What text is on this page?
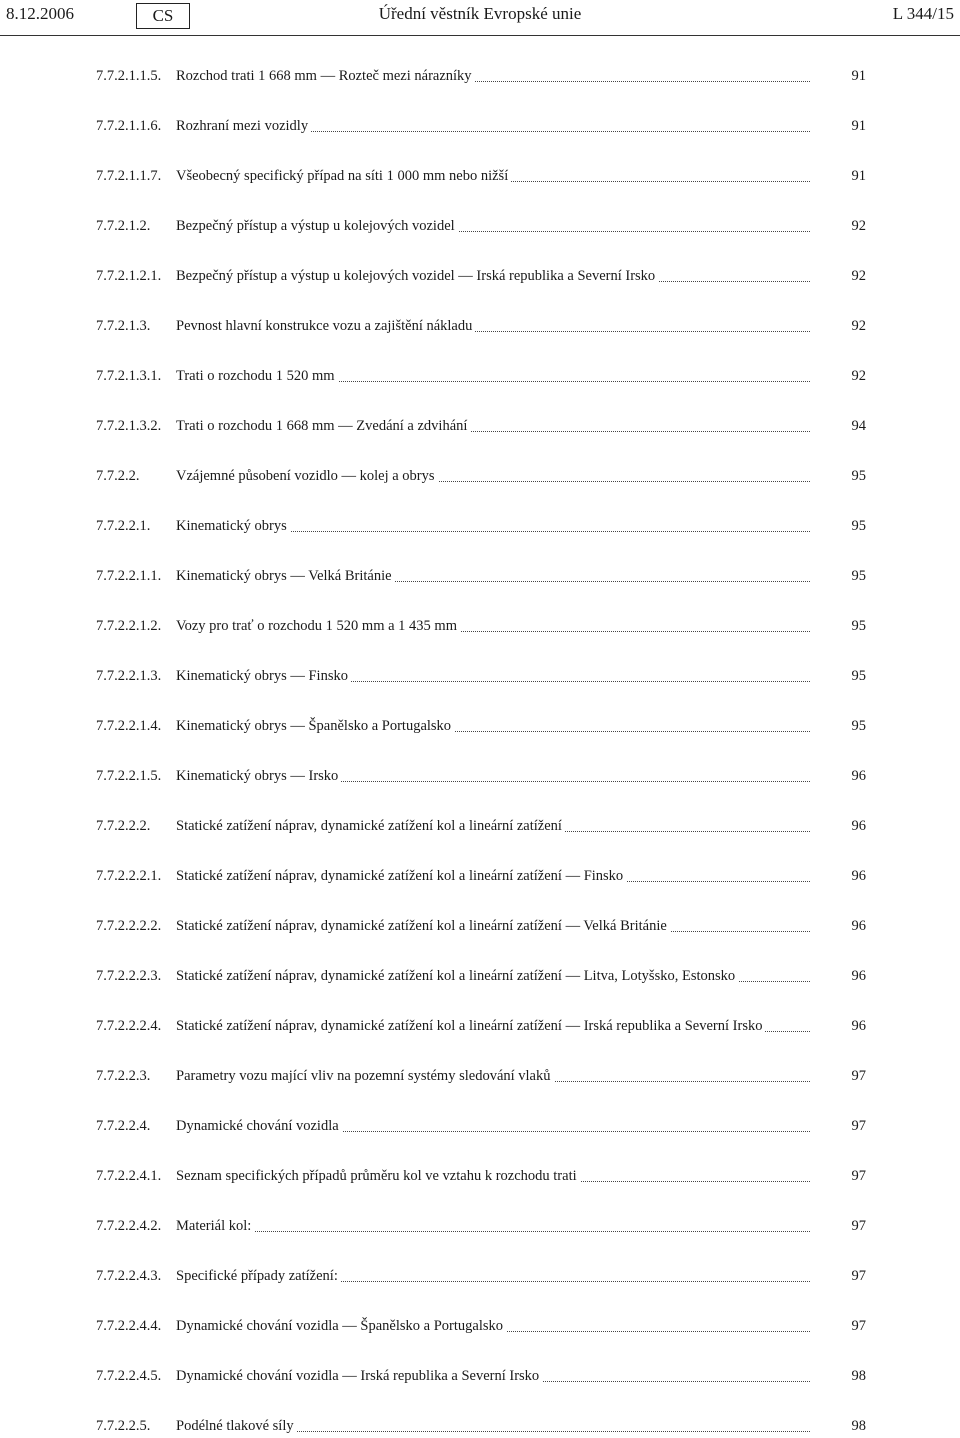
8.12.2006	CS	Úřední věstník Evropské unie	L 344/15
7.7.2.1.1.5. Rozchod trati 1 668 mm — Rozteč mezi nárazníky	91
7.7.2.1.1.6. Rozhraní mezi vozidly	91
7.7.2.1.1.7. Všeobecný specifický případ na síti 1 000 mm nebo nižší	91
7.7.2.1.2. Bezpečný přístup a výstup u kolejových vozidel	92
7.7.2.1.2.1. Bezpečný přístup a výstup u kolejových vozidel — Irská republika a Severní Irsko	92
7.7.2.1.3. Pevnost hlavní konstrukce vozu a zajištění nákladu	92
7.7.2.1.3.1. Trati o rozchodu 1 520 mm	92
7.7.2.1.3.2. Trati o rozchodu 1 668 mm — Zvedání a zdvihání	94
7.7.2.2.	Vzájemné působení vozidlo — kolej a obrys	95
7.7.2.2.1. Kinematický obrys	95
7.7.2.2.1.1. Kinematický obrys — Velká Británie	95
7.7.2.2.1.2. Vozy pro trať o rozchodu 1 520 mm a 1 435 mm	95
7.7.2.2.1.3. Kinematický obrys — Finsko	95
7.7.2.2.1.4. Kinematický obrys — Španělsko a Portugalsko	95
7.7.2.2.1.5. Kinematický obrys — Irsko	96
7.7.2.2.2. Statické zatížení náprav, dynamické zatížení kol a lineární zatížení	96
7.7.2.2.2.1. Statické zatížení náprav, dynamické zatížení kol a lineární zatížení — Finsko	96
7.7.2.2.2.2. Statické zatížení náprav, dynamické zatížení kol a lineární zatížení — Velká Británie	96
7.7.2.2.2.3. Statické zatížení náprav, dynamické zatížení kol a lineární zatížení — Litva, Lotyšsko, Estonsko	96
7.7.2.2.2.4. Statické zatížení náprav, dynamické zatížení kol a lineární zatížení — Irská republika a Severní Irsko	96
7.7.2.2.3. Parametry vozu mající vliv na pozemní systémy sledování vlaků	97
7.7.2.2.4. Dynamické chování vozidla	97
7.7.2.2.4.1. Seznam specifických případů průměru kol ve vztahu k rozchodu trati	97
7.7.2.2.4.2. Materiál kol:	97
7.7.2.2.4.3. Specifické případy zatížení:	97
7.7.2.2.4.4. Dynamické chování vozidla — Španělsko a Portugalsko	97
7.7.2.2.4.5. Dynamické chování vozidla — Irská republika a Severní Irsko	98
7.7.2.2.5. Podélné tlakové síly	98
